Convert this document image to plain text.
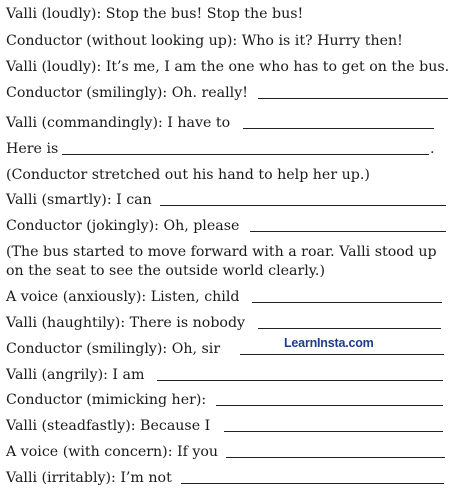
Valli (loudly): Stop the bus! Stop the bus!
Conductor (without looking up): Who is it? Hurry then!
Valli (loudly): It’s me, I am the one who has to get on the bus.
Conductor (smilingly): Oh. really!
Valli (commandingly): I have to
Here is	.
(Conductor stretched out his hand to help her up.)
Valli (smartly): I can
Conductor (jokingly): Oh, please
(The bus started to move forward with a roar. Valli stood up
on the seat to see the outside world clearly.)
A voice (anxiously): Listen, child
Valli (haughtily): There is nobody
Conductor (smilingly): Oh, sir
Valli (angrily): I am
Conductor (mimicking her):
Valli (steadfastly): Because I
A voice (with concern): If you
Valli (irritably): I’m not
LearnInsta.com
